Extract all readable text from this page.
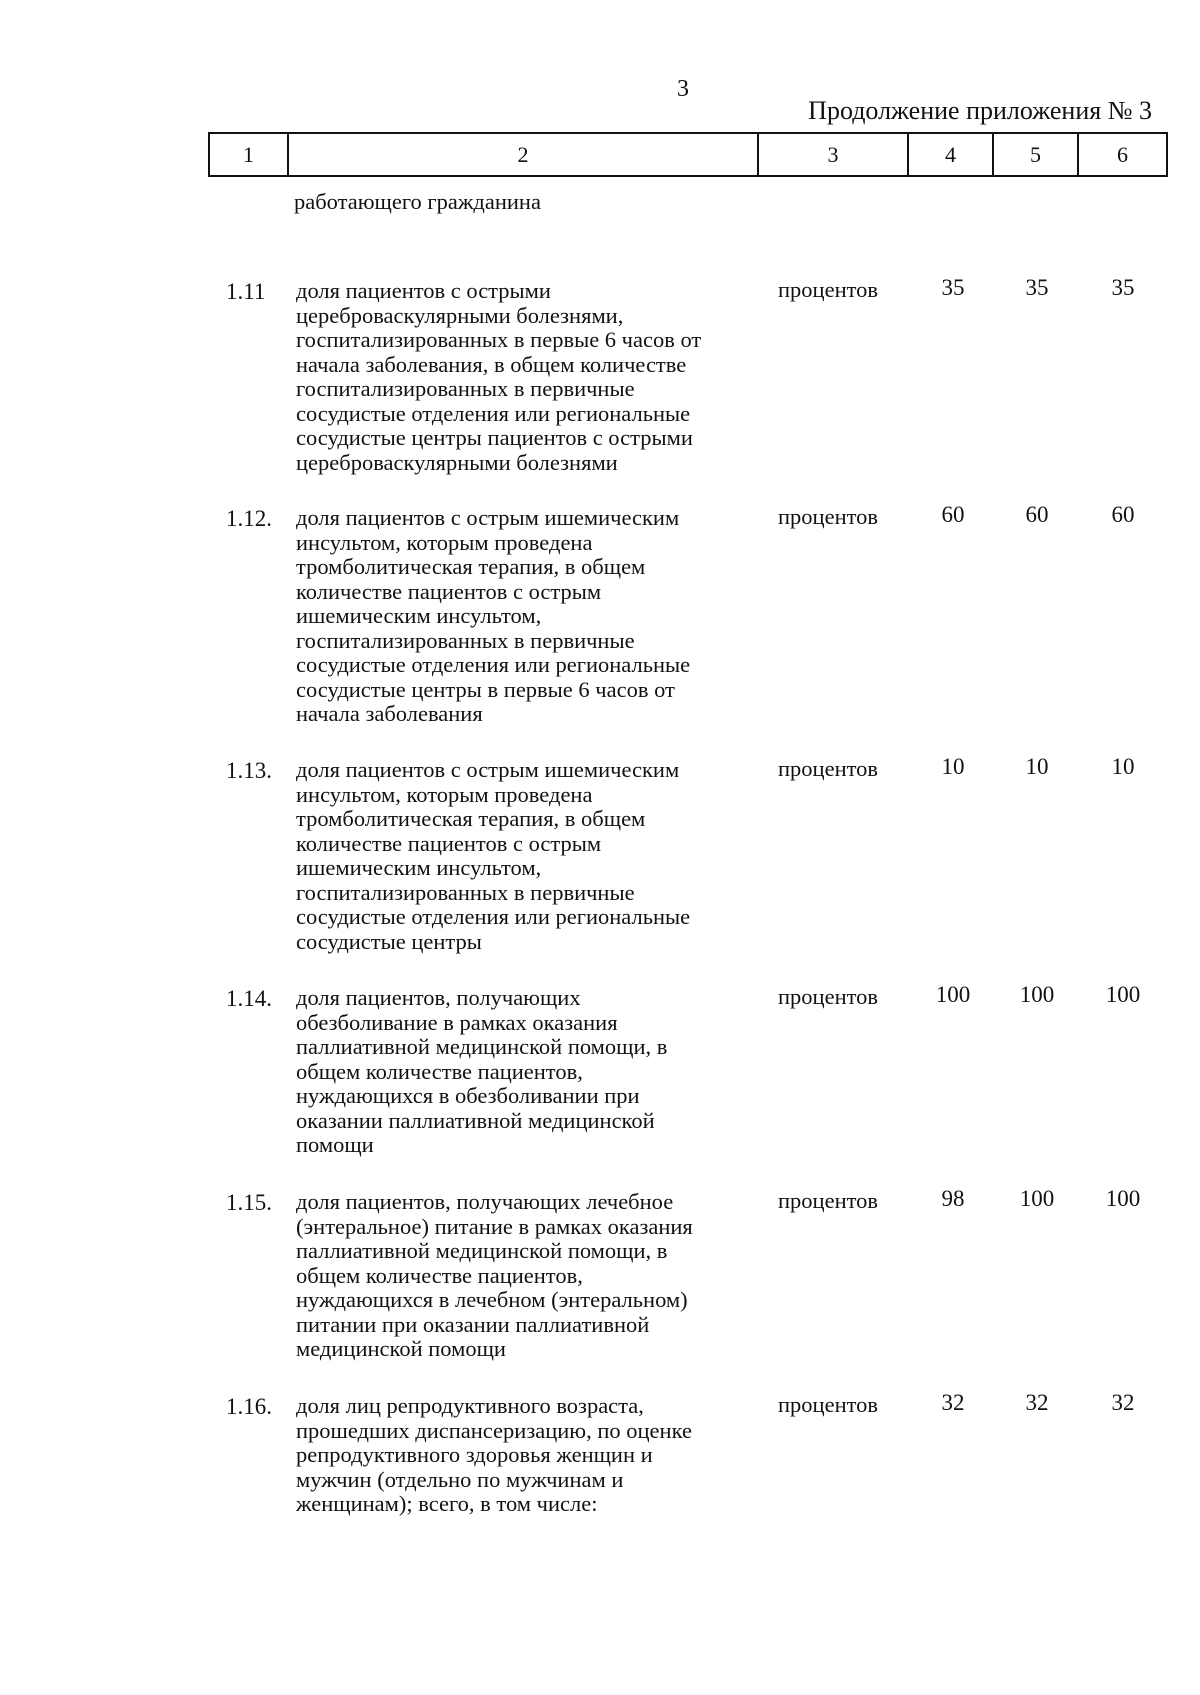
3
Продолжение приложения № 3
1	2	3	4	5	6
работающего гражданина
1.11 доля пациентов с острыми
цереброваскулярными болезнями,
госпитализированных в первые 6 часов от
начала заболевания, в общем количестве
госпитализированных в первичные
сосудистые отделения или региональные
сосудистые центры пациентов с острыми
цереброваскулярными болезнями
процентов	35	35	35
1.12. доля пациентов с острым ишемическим
инсультом, которым проведена
тромболитическая терапия, в общем
количестве пациентов с острым
ишемическим инсультом,
госпитализированных в первичные
сосудистые отделения или региональные
сосудистые центры в первые 6 часов от
начала заболевания
процентов	60	60	60
1.13. доля пациентов с острым ишемическим
инсультом, которым проведена
тромболитическая терапия, в общем
количестве пациентов с острым
ишемическим инсультом,
госпитализированных в первичные
сосудистые отделения или региональные
сосудистые центры
процентов	10	10	10
1.14. доля пациентов, получающих
обезболивание в рамках оказания
паллиативной медицинской помощи, в
общем количестве пациентов,
нуждающихся в обезболивании при
оказании паллиативной медицинской
помощи
процентов	100	100	100
1.15. доля пациентов, получающих лечебное
(энтеральное) питание в рамках оказания
паллиативной медицинской помощи, в
общем количестве пациентов,
нуждающихся в лечебном (энтеральном)
питании при оказании паллиативной
медицинской помощи
процентов	98	100	100
1.16. доля лиц репродуктивного возраста,
прошедших диспансеризацию, по оценке
репродуктивного здоровья женщин и
мужчин (отдельно по мужчинам и
женщинам); всего, в том числе:
процентов	32	32	32
